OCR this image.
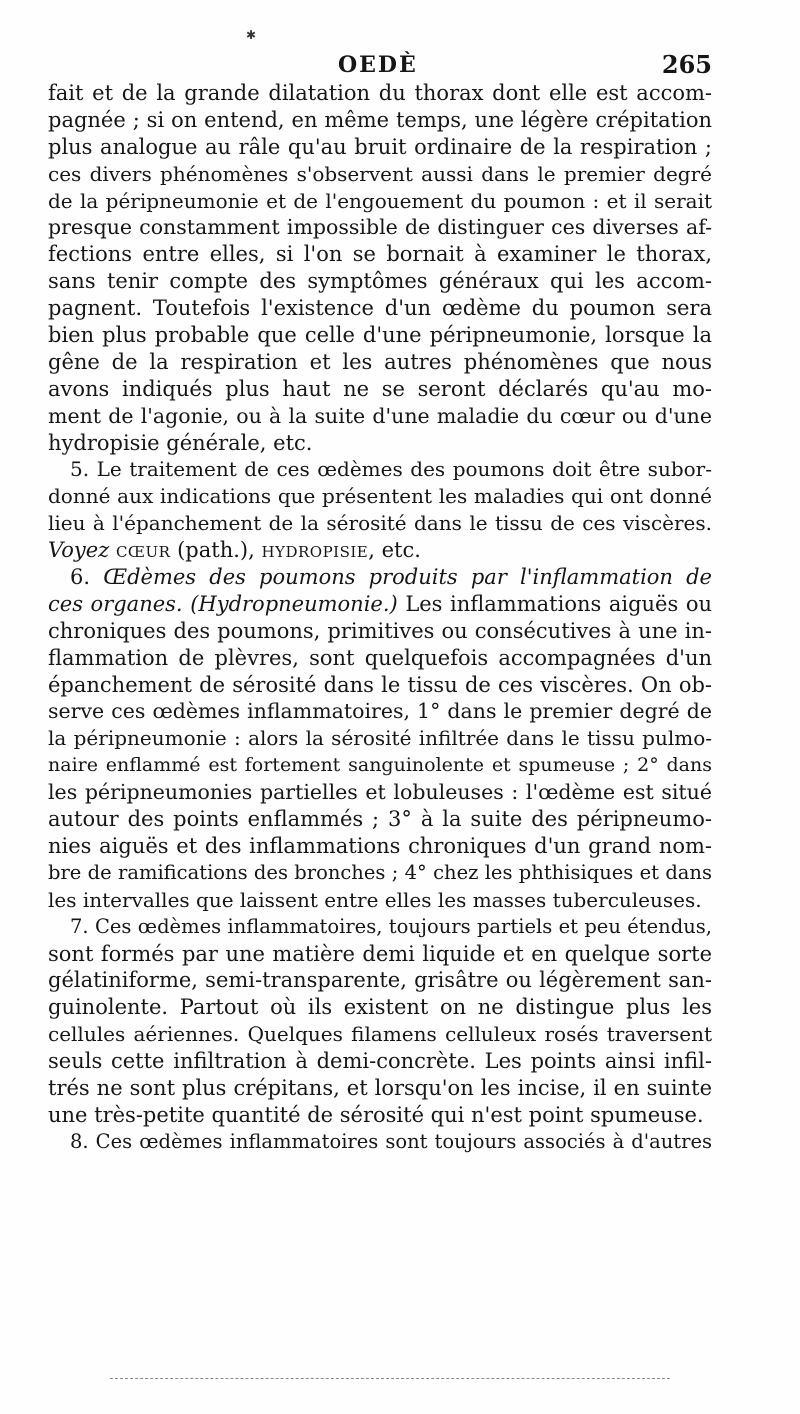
✱
OEDÈ	265
fait et de la grande dilatation du thorax dont elle est accom-
pagnée ; si on entend, en même temps, une légère crépitation
plus analogue au râle qu'au bruit ordinaire de la respiration ;
ces divers phénomènes s'observent aussi dans le premier degré
de la péripneumonie et de l'engouement du poumon : et il serait
presque constamment impossible de distinguer ces diverses af-
fections entre elles, si l'on se bornait à examiner le thorax,
sans tenir compte des symptômes généraux qui les accom-
pagnent. Toutefois l'existence d'un œdème du poumon sera
bien plus probable que celle d'une péripneumonie, lorsque la
gêne de la respiration et les autres phénomènes que nous
avons indiqués plus haut ne se seront déclarés qu'au mo-
ment de l'agonie, ou à la suite d'une maladie du cœur ou d'une
hydropisie générale, etc.
5. Le traitement de ces œdèmes des poumons doit être subor-
donné aux indications que présentent les maladies qui ont donné
lieu à l'épanchement de la sérosité dans le tissu de ces viscères.
Voyez cœur (path.), hydropisie, etc.
6. Œdèmes des poumons produits par l'inflammation de
ces organes. (Hydropneumonie.) Les inflammations aiguës ou
chroniques des poumons, primitives ou consécutives à une in-
flammation de plèvres, sont quelquefois accompagnées d'un
épanchement de sérosité dans le tissu de ces viscères. On ob-
serve ces œdèmes inflammatoires, 1° dans le premier degré de
la péripneumonie : alors la sérosité infiltrée dans le tissu pulmo-
naire enflammé est fortement sanguinolente et spumeuse ; 2° dans
les péripneumonies partielles et lobuleuses : l'œdème est situé
autour des points enflammés ; 3° à la suite des péripneumo-
nies aiguës et des inflammations chroniques d'un grand nom-
bre de ramifications des bronches ; 4° chez les phthisiques et dans
les intervalles que laissent entre elles les masses tuberculeuses.
7. Ces œdèmes inflammatoires, toujours partiels et peu étendus,
sont formés par une matière demi liquide et en quelque sorte
gélatiniforme, semi-transparente, grisâtre ou légèrement san-
guinolente. Partout où ils existent on ne distingue plus les
cellules aériennes. Quelques filamens celluleux rosés traversent
seuls cette infiltration à demi-concrète. Les points ainsi infil-
trés ne sont plus crépitans, et lorsqu'on les incise, il en suinte
une très-petite quantité de sérosité qui n'est point spumeuse.
8. Ces œdèmes inflammatoires sont toujours associés à d'autres
